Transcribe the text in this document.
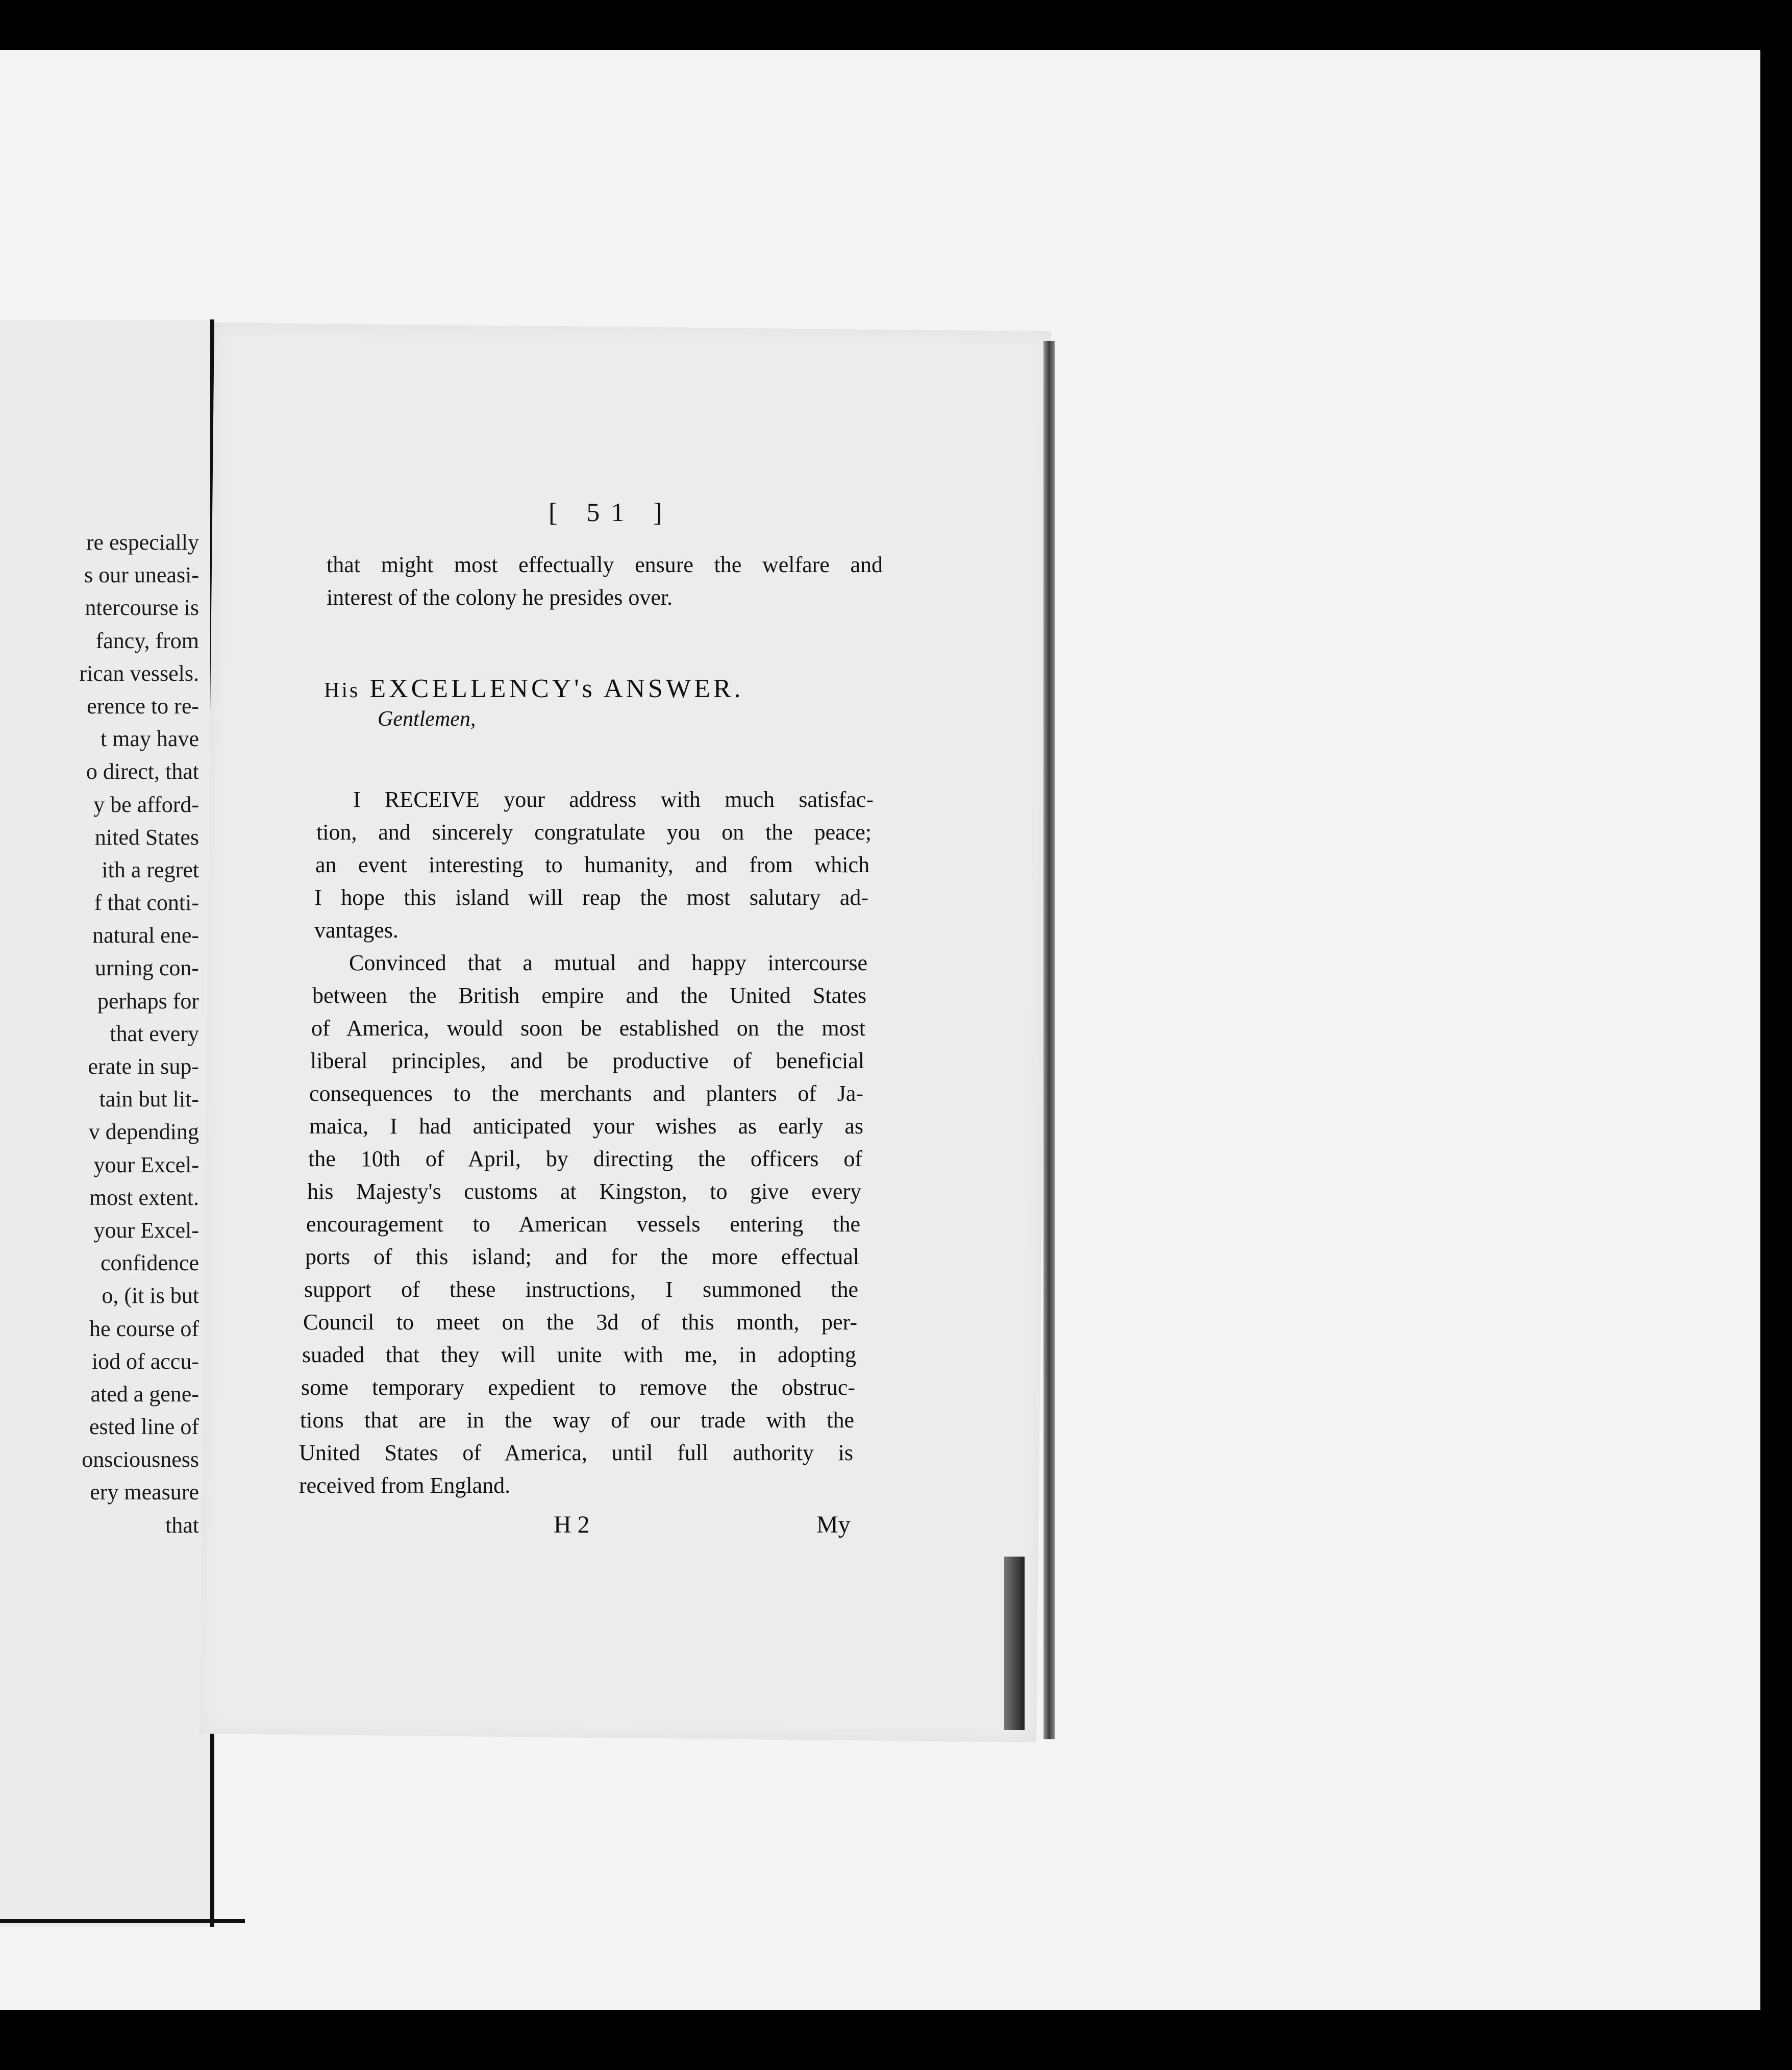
re especially
s our uneasi-
ntercourse is
fancy, from
rican vessels.
erence to re-
t may have
o direct, that
y be afford-
nited States
ith a regret
f that conti-
natural ene-
urning con-
perhaps for
that every
erate in sup-
tain but lit-
v depending
your Excel-
most extent.
your Excel-
confidence
o, (it is but
he course of
iod of accu-
ated a gene-
ested line of
onsciousness
ery measure
that
[ 51 ]
that might most effectually ensure the welfare and
interest of the colony he presides over.
I RECEIVE your address with much satisfac-
tion, and sincerely congratulate you on the peace;
an event interesting to humanity, and from which
I hope this island will reap the most salutary ad-
vantages.
Convinced that a mutual and happy intercourse
between the British empire and the United States
of America, would soon be established on the most
liberal principles, and be productive of beneficial
consequences to the merchants and planters of Ja-
maica, I had anticipated your wishes as early as
the 10th of April, by directing the officers of
his Majesty's customs at Kingston, to give every
encouragement to American vessels entering the
ports of this island; and for the more effectual
support of these instructions, I summoned the
Council to meet on the 3d of this month, per-
suaded that they will unite with me, in adopting
some temporary expedient to remove the obstruc-
tions that are in the way of our trade with the
United States of America, until full authority is
received from England.
His EXCELLENCY's ANSWER.
Gentlemen,
H 2	My
